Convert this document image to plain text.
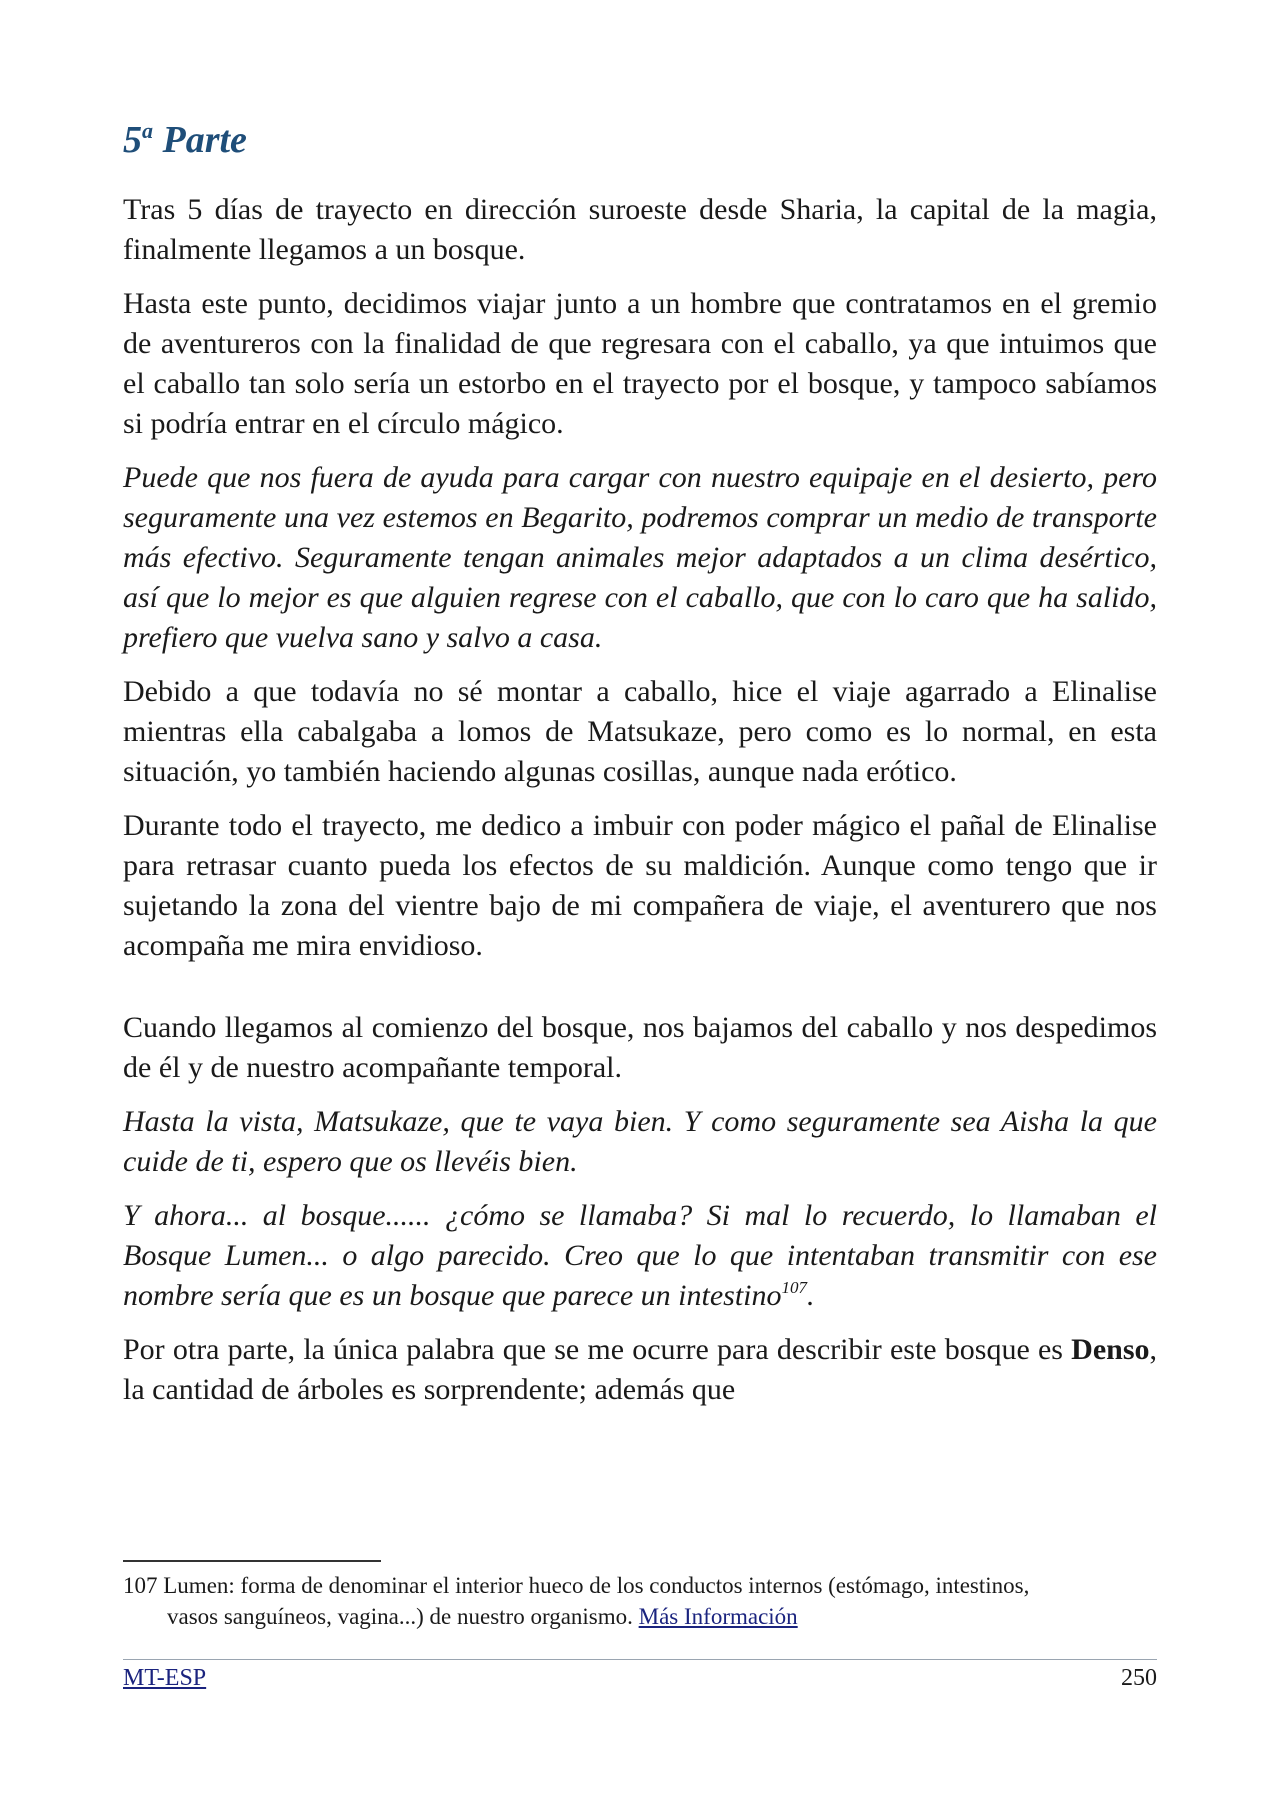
5$^a$ Parte

Tras 5 días de trayecto en dirección suroeste desde Sharia, la capital de la magia, finalmente llegamos a un bosque.

Hasta este punto, decidimos viajar junto a un hombre que contratamos en el gremio de aventureros con la finalidad de que regresara con el caballo, ya que intuimos que el caballo tan solo sería un estorbo en el trayecto por el bosque, y tampoco sabíamos si podría entrar en el círculo mágico.

Puede que nos fuera de ayuda para cargar con nuestro equipaje en el desierto, pero seguramente una vez estemos en Begarito, podremos comprar un medio de transporte más efectivo. Seguramente tengan animales mejor adaptados a un clima desértico, así que lo mejor es que alguien regrese con el caballo, que con lo caro que ha salido, prefiero que vuelva sano y salvo a casa.

Debido a que todavía no sé montar a caballo, hice el viaje agarrado a Elinalise mientras ella cabalgaba a lomos de Matsukaze, pero como es lo normal, en esta situación, yo también haciendo algunas cosillas, aunque nada erótico.

Durante todo el trayecto, me dedico a imbuir con poder mágico el pañal de Elinalise para retrasar cuanto pueda los efectos de su maldición. Aunque como tengo que ir sujetando la zona del vientre bajo de mi compañera de viaje, el aventurero que nos acompaña me mira envidioso.

Cuando llegamos al comienzo del bosque, nos bajamos del caballo y nos despedimos de él y de nuestro acompañante temporal.

Hasta la vista, Matsukaze, que te vaya bien. Y como seguramente sea Aisha la que cuide de ti, espero que os llevéis bien.

Y ahora... al bosque...... ¿cómo se llamaba? Si mal lo recuerdo, lo llamaban el Bosque Lumen... o algo parecido. Creo que lo que intentaban transmitir con ese nombre sería que es un bosque que parece un intestino$^{107}$.

Por otra parte, la única palabra que se me ocurre para describir este bosque es Denso, la cantidad de árboles es sorprendente; además que

107 Lumen: forma de denominar el interior hueco de los conductos internos (estómago, intestinos,
vasos sanguíneos, vagina...) de nuestro organismo. Más Información
MT-ESP	250
